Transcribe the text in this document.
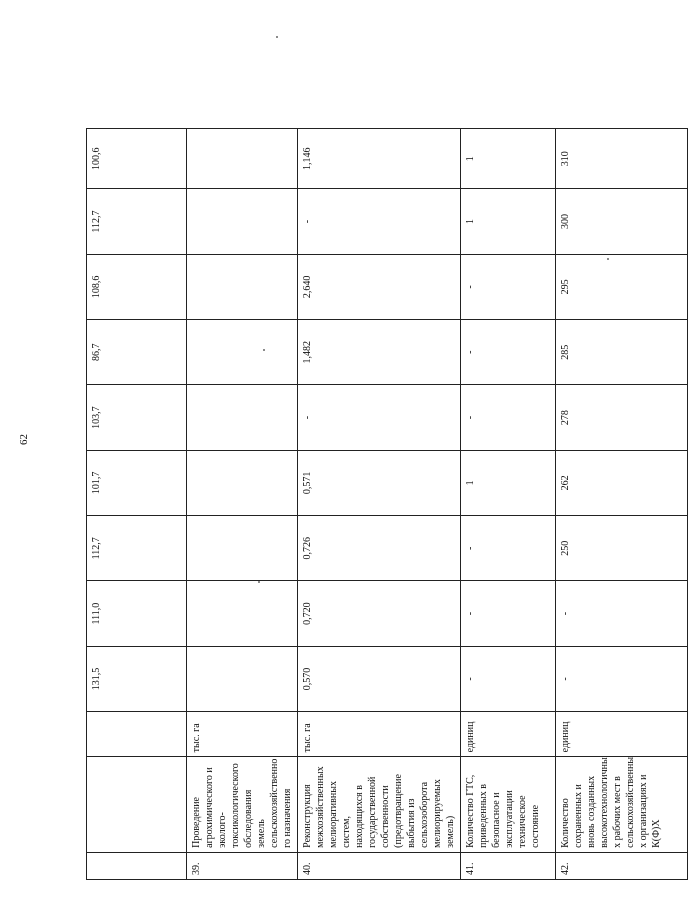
62
			131,5	111,0	112,7	101,7	103,7	86,7	108,6	112,7	100,6
39.	Проведение агрохимического и эколого-токсикологического обследования земель сельскохозяйственно го назначения	тыс. га									
40.	Реконструкция межхозяйственных мелиоративных систем, находящихся в государственной собственности (предотвращение выбытия из сельхозоборота мелиорируемых земель)	тыс. га	0,570	0,720	0,726	0,571	-	1,482	2,640	-	1,146
41.	Количество ГТС, приведенных в безопасное и эксплуатации техническое состояние	единиц	-	-	-	1	-	-	-	1	1
42.	Количество сохраненных и вновь созданных высокотехнологичны х рабочих мест в сельскохозяйственны х организациях и К(Ф)Х	единиц	-	-	250	262	278	285	295	300	310
